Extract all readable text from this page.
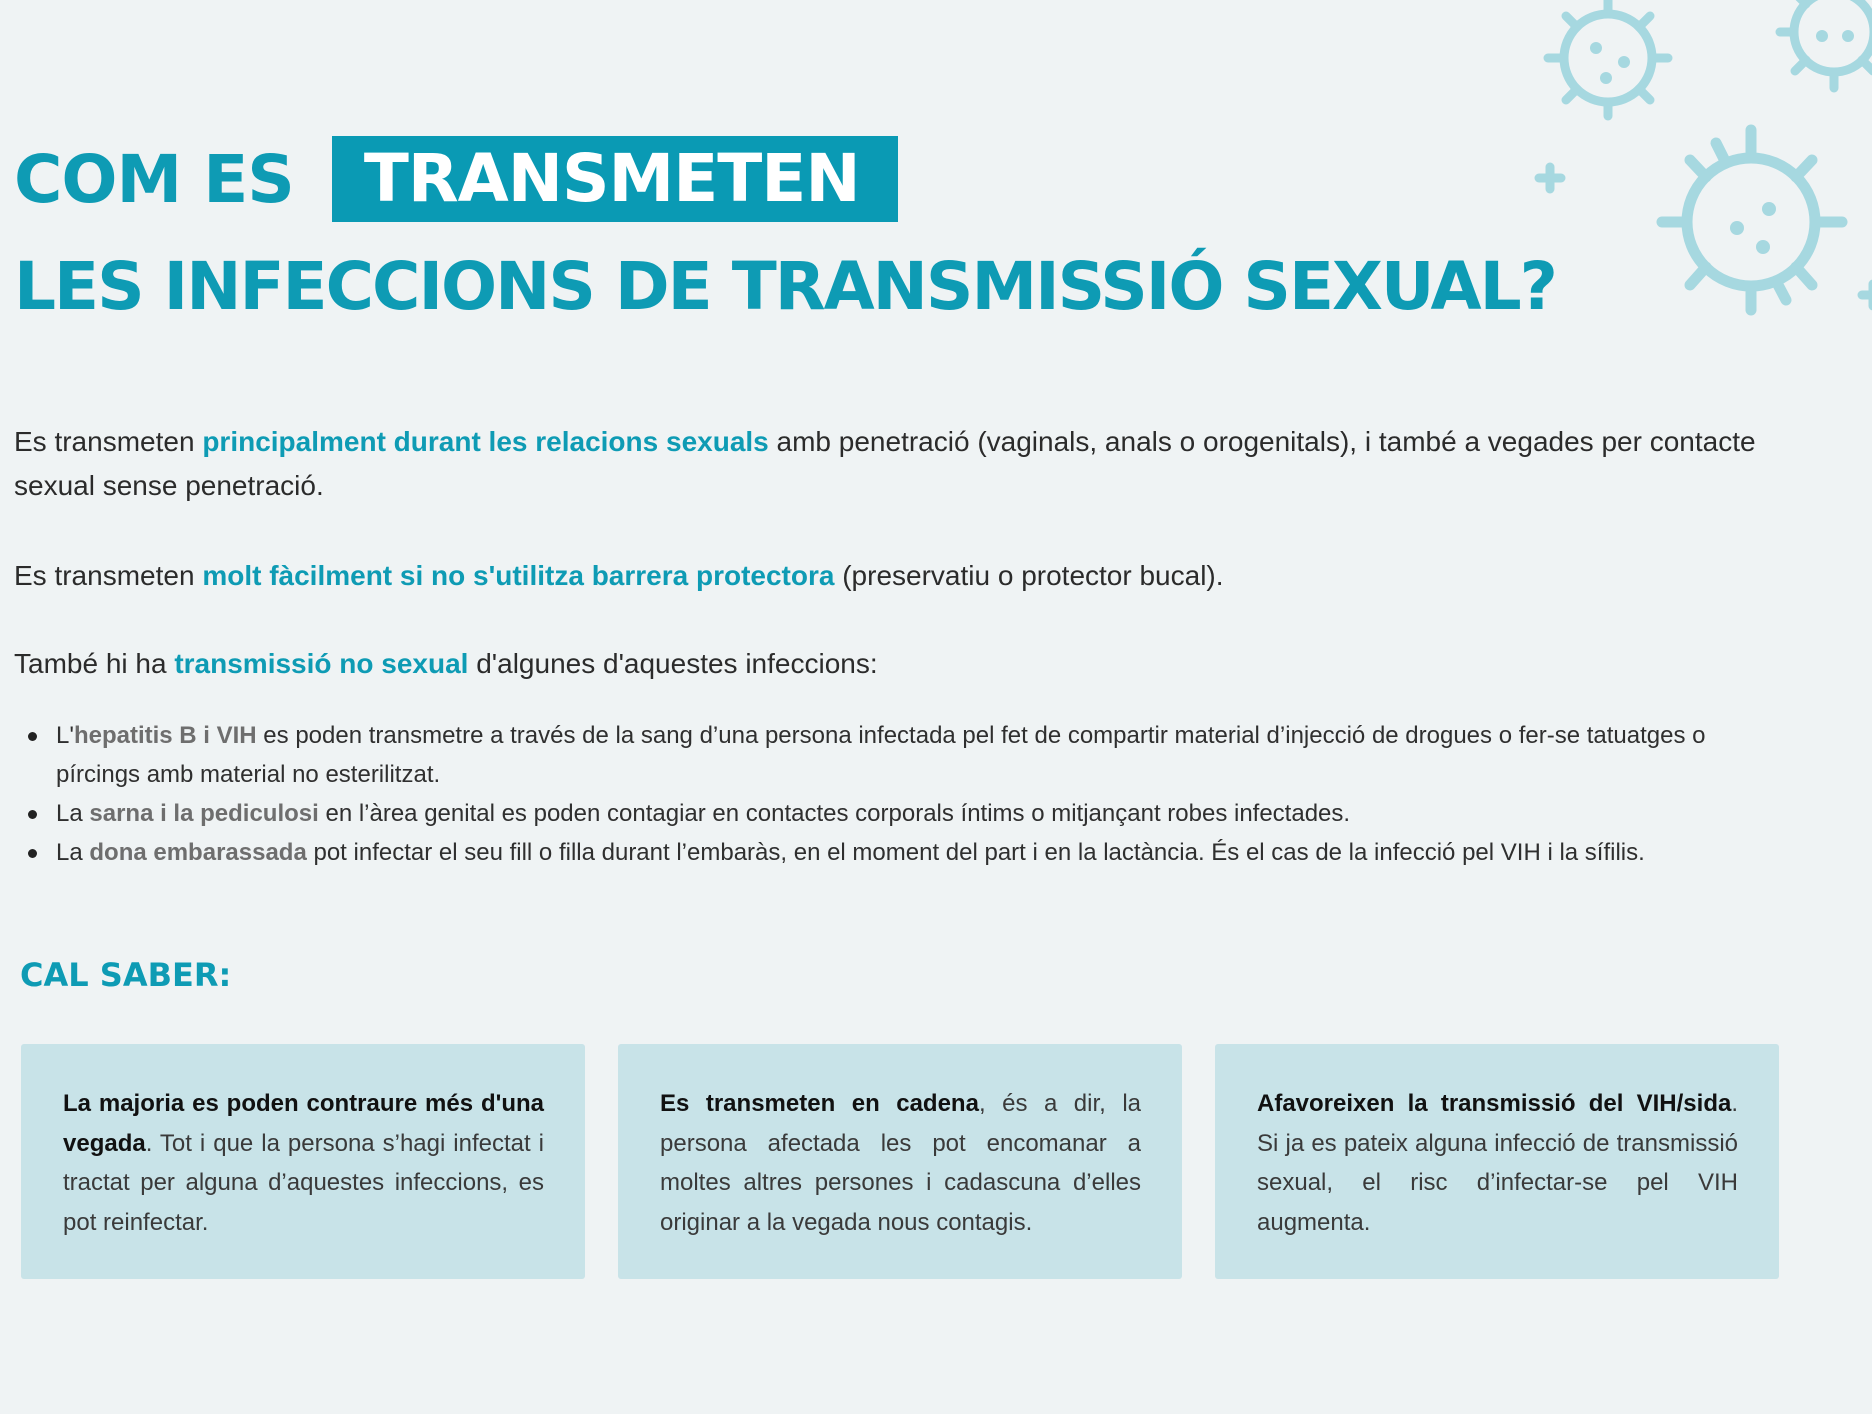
COM ES	TRANSMETEN
LES INFECCIONS DE TRANSMISSIÓ SEXUAL?

Es transmeten principalment durant les relacions sexuals amb penetració (vaginals, anals o orogenitals), i també a vegades per contacte sexual sense penetració.

Es transmeten molt fàcilment si no s'utilitza barrera protectora (preservatiu o protector bucal).

També hi ha transmissió no sexual d'algunes d'aquestes infeccions:

L'hepatitis B i VIH es poden transmetre a través de la sang d’una persona infectada pel fet de compartir material d’injecció de drogues o fer-se tatuatges o pírcings amb material no esterilitzat.
La sarna i la pediculosi en l’àrea genital es poden contagiar en contactes corporals íntims o mitjançant robes infectades.
La dona embarassada pot infectar el seu fill o filla durant l’embaràs, en el moment del part i en la lactància. És el cas de la infecció pel VIH i la sífilis.
CAL SABER:
La majoria es poden contraure més d'una vegada. Tot i que la persona s’hagi infectat i tractat per alguna d’aquestes infeccions, es pot reinfectar.
Es transmeten en cadena, és a dir, la persona afectada les pot encomanar a moltes altres persones i cadascuna d’elles originar a la vegada nous contagis.
Afavoreixen la transmissió del VIH/sida. Si ja es pateix alguna infecció de transmissió sexual, el risc d’infectar-se pel VIH augmenta.
